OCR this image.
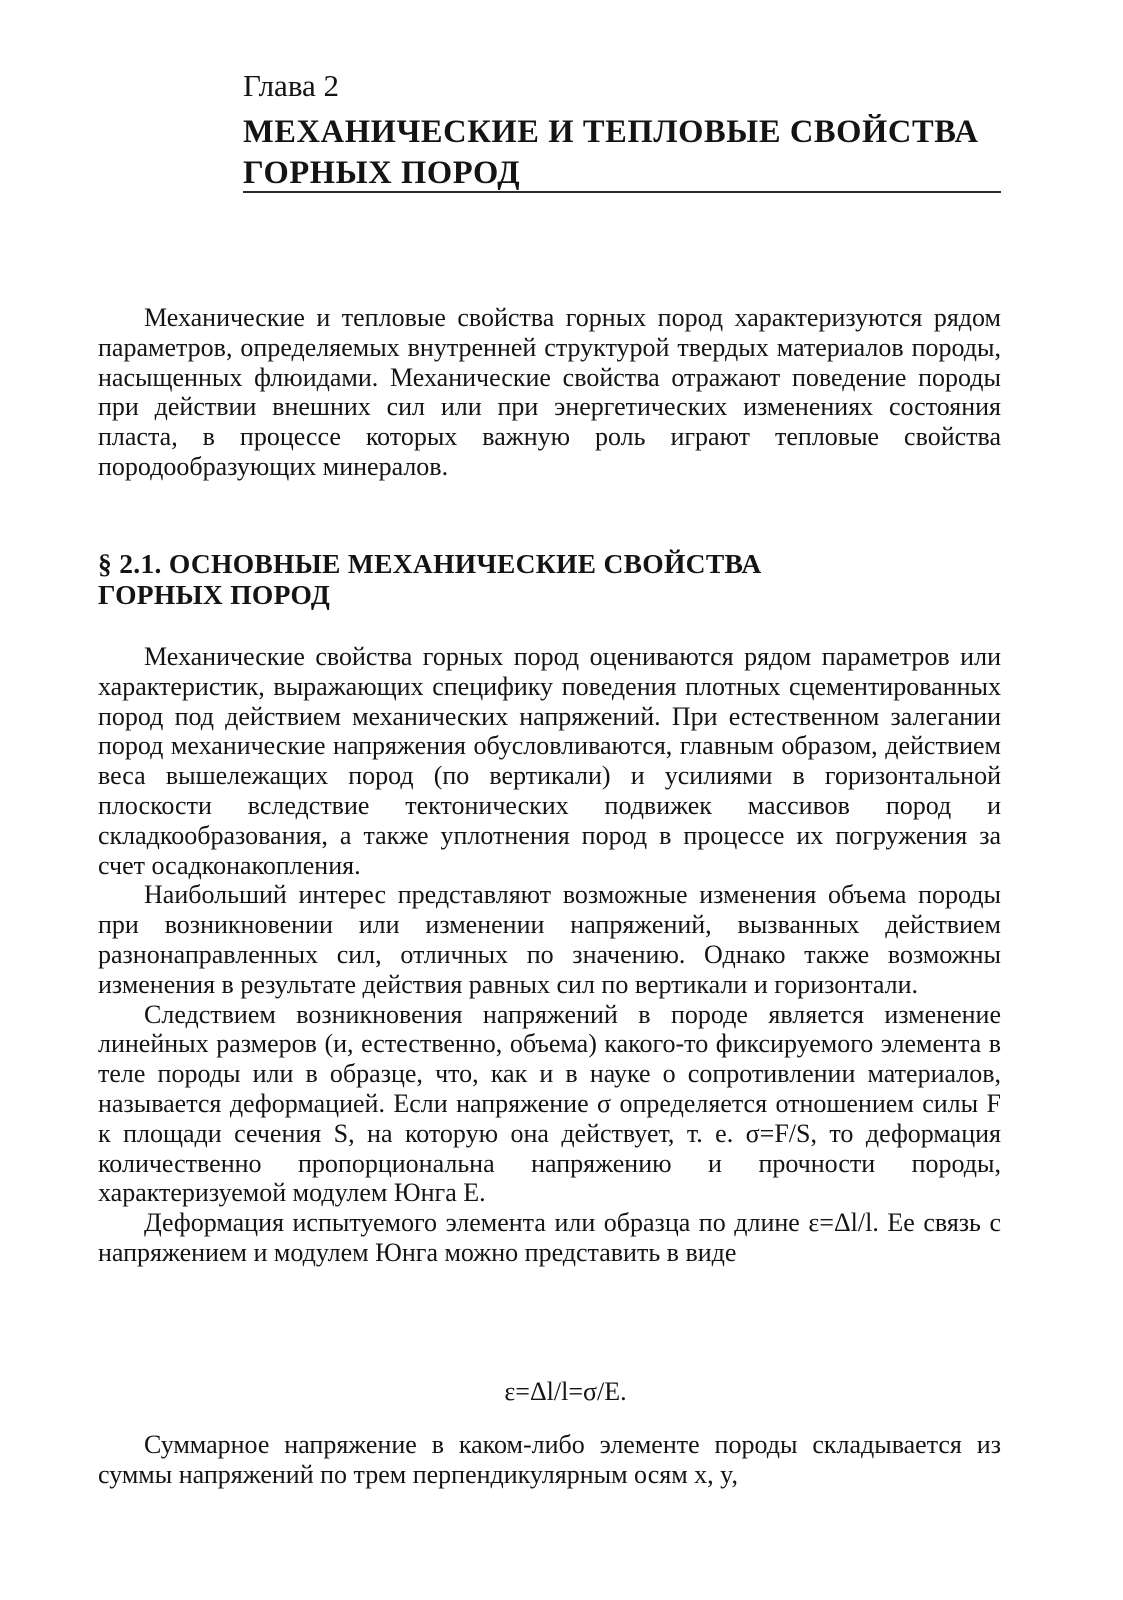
Глава 2
МЕХАНИЧЕСКИЕ И ТЕПЛОВЫЕ СВОЙСТВА
ГОРНЫХ ПОРОД

Механические и тепловые свойства горных пород характеризуются рядом параметров, определяемых внутренней структурой твердых материалов породы, насыщенных флюидами. Механические свойства отражают поведение породы при действии внешних сил или при энергетических изменениях состояния пласта, в процессе которых важную роль играют тепловые свойства породообразующих минералов.

§ 2.1. ОСНОВНЫЕ МЕХАНИЧЕСКИЕ СВОЙСТВА
ГОРНЫХ ПОРОД

Механические свойства горных пород оцениваются рядом параметров или характеристик, выражающих специфику поведения плотных сцементированных пород под действием механических напряжений. При естественном залегании пород механические напряжения обусловливаются, главным образом, действием веса вышележащих пород (по вертикали) и усилиями в горизонтальной плоскости вследствие тектонических подвижек массивов пород и складкообразования, а также уплотнения пород в процессе их погружения за счет осадконакопления.

Наибольший интерес представляют возможные изменения объема породы при возникновении или изменении напряжений, вызванных действием разнонаправленных сил, отличных по значению. Однако также возможны изменения в результате действия равных сил по вертикали и горизонтали.

Следствием возникновения напряжений в породе является изменение линейных размеров (и, естественно, объема) какого-то фиксируемого элемента в теле породы или в образце, что, как и в науке о сопротивлении материалов, называется деформацией. Если напряжение σ определяется отношением силы F к площади сечения S, на которую она действует, т. е. σ=F/S, то деформация количественно пропорциональна напряжению и прочности породы, характеризуемой модулем Юнга E.

Деформация испытуемого элемента или образца по длине ε=Δl/l. Ее связь с напряжением и модулем Юнга можно представить в виде

ε=Δl/l=σ/E.

Суммарное напряжение в каком-либо элементе породы складывается из суммы напряжений по трем перпендикулярным осям x, y,
